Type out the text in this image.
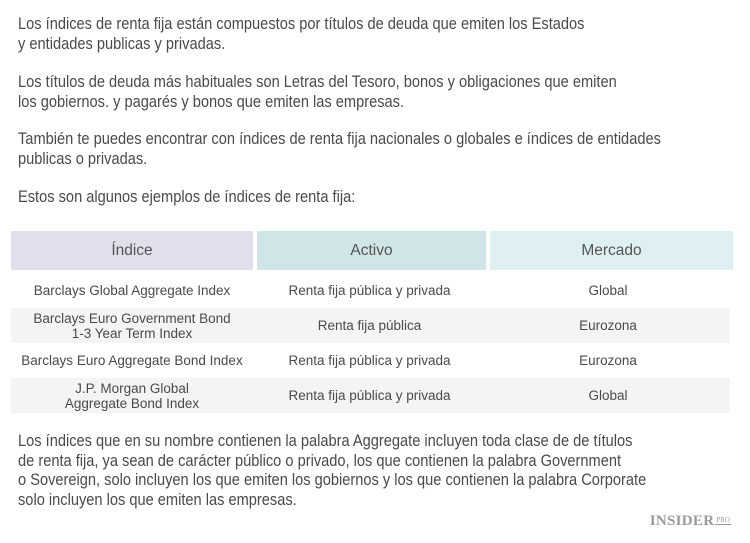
Los índices de renta fija están compuestos por títulos de deuda que emiten los Estados
y entidades publicas y privadas.
Los títulos de deuda más habituales son Letras del Tesoro, bonos y obligaciones que emiten
los gobiernos. y pagarés y bonos que emiten las empresas.
También te puedes encontrar con índices de renta fija nacionales o globales e índices de entidades
publicas o privadas.
Estos son algunos ejemplos de índices de renta fija:
Índice	Activo	Mercado
Barclays Global Aggregate Index	Renta fija pública y privada	Global
Barclays Euro Government Bond
1-3 Year Term Index	Renta fija pública	Eurozona
Barclays Euro Aggregate Bond Index	Renta fija pública y privada	Eurozona
J.P. Morgan Global
Aggregate Bond Index	Renta fija pública y privada	Global
Los índices que en su nombre contienen la palabra Aggregate incluyen toda clase de de títulos
de renta fija, ya sean de carácter público o privado, los que contienen la palabra Government
o Sovereign, solo incluyen los que emiten los gobiernos y los que contienen la palabra Corporate
solo incluyen los que emiten las empresas.
INSIDER PRO
